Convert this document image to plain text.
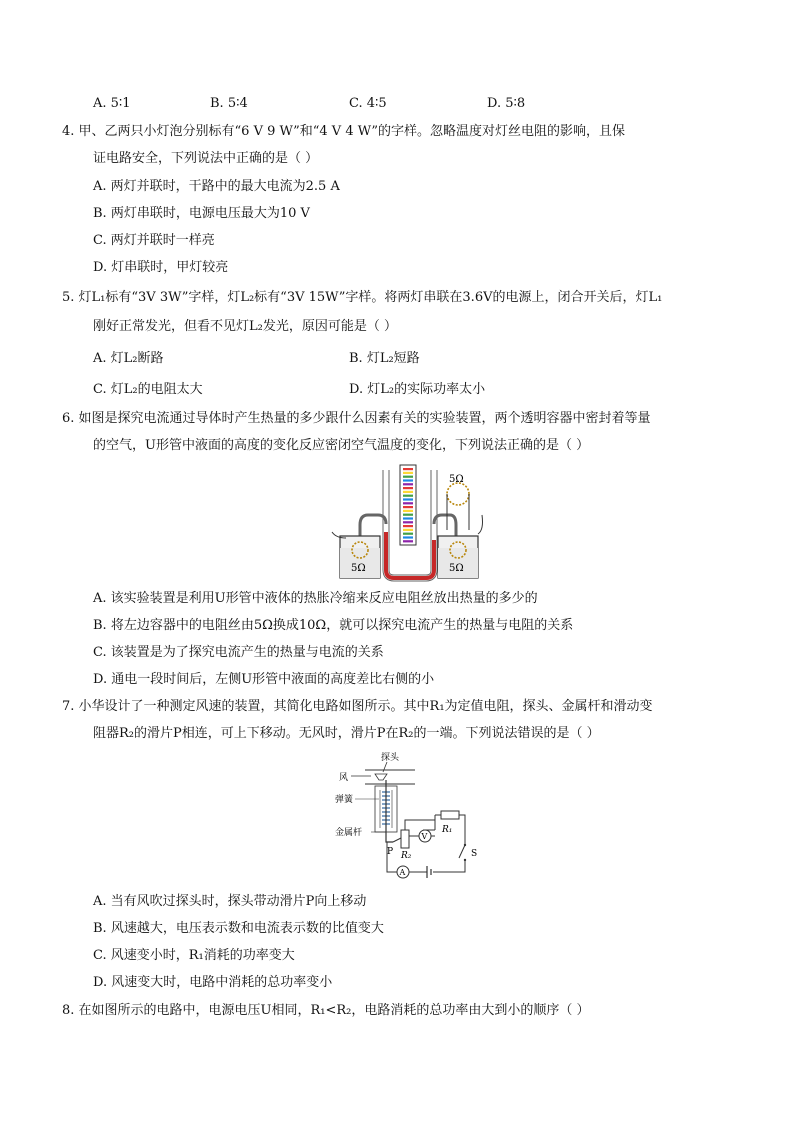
A. 5∶1	B. 5∶4	C. 4∶5	D. 5∶8
4. 甲、乙两只小灯泡分别标有“6 V 9 W”和“4 V 4 W”的字样。忽略温度对灯丝电阻的影响，且保
证电路安全，下列说法中正确的是（ ）
A. 两灯并联时，干路中的最大电流为2.5 A
B. 两灯串联时，电源电压最大为10 V
C. 两灯并联时一样亮
D. 灯串联时，甲灯较亮
5. 灯L₁标有“3V 3W”字样，灯L₂标有“3V 15W”字样。将两灯串联在3.6V的电源上，闭合开关后，灯L₁
刚好正常发光，但看不见灯L₂发光，原因可能是（ ）
A. 灯L₂断路	B. 灯L₂短路
C. 灯L₂的电阻太大	D. 灯L₂的实际功率太小
6. 如图是探究电流通过导体时产生热量的多少跟什么因素有关的实验装置，两个透明容器中密封着等量
的空气，U形管中液面的高度的变化反应密闭空气温度的变化，下列说法正确的是（ ）
5Ω	5Ω
5Ω
A. 该实验装置是利用U形管中液体的热胀冷缩来反应电阻丝放出热量的多少的
B. 将左边容器中的电阻丝由5Ω换成10Ω，就可以探究电流产生的热量与电阻的关系
C. 该装置是为了探究电流产生的热量与电流的关系
D. 通电一段时间后，左侧U形管中液面的高度差比右侧的小
7. 小华设计了一种测定风速的装置，其简化电路如图所示。其中R₁为定值电阻，探头、金属杆和滑动变
阻器R₂的滑片P相连，可上下移动。无风时，滑片P在R₂的一端。下列说法错误的是（ ）
探头
风
弹簧
金属杆	R₁
R₂
P
V
S
A
A. 当有风吹过探头时，探头带动滑片P向上移动
B. 风速越大，电压表示数和电流表示数的比值变大
C. 风速变小时，R₁消耗的功率变大
D. 风速变大时，电路中消耗的总功率变小
8. 在如图所示的电路中，电源电压U相同，R₁<R₂，电路消耗的总功率由大到小的顺序（ ）
